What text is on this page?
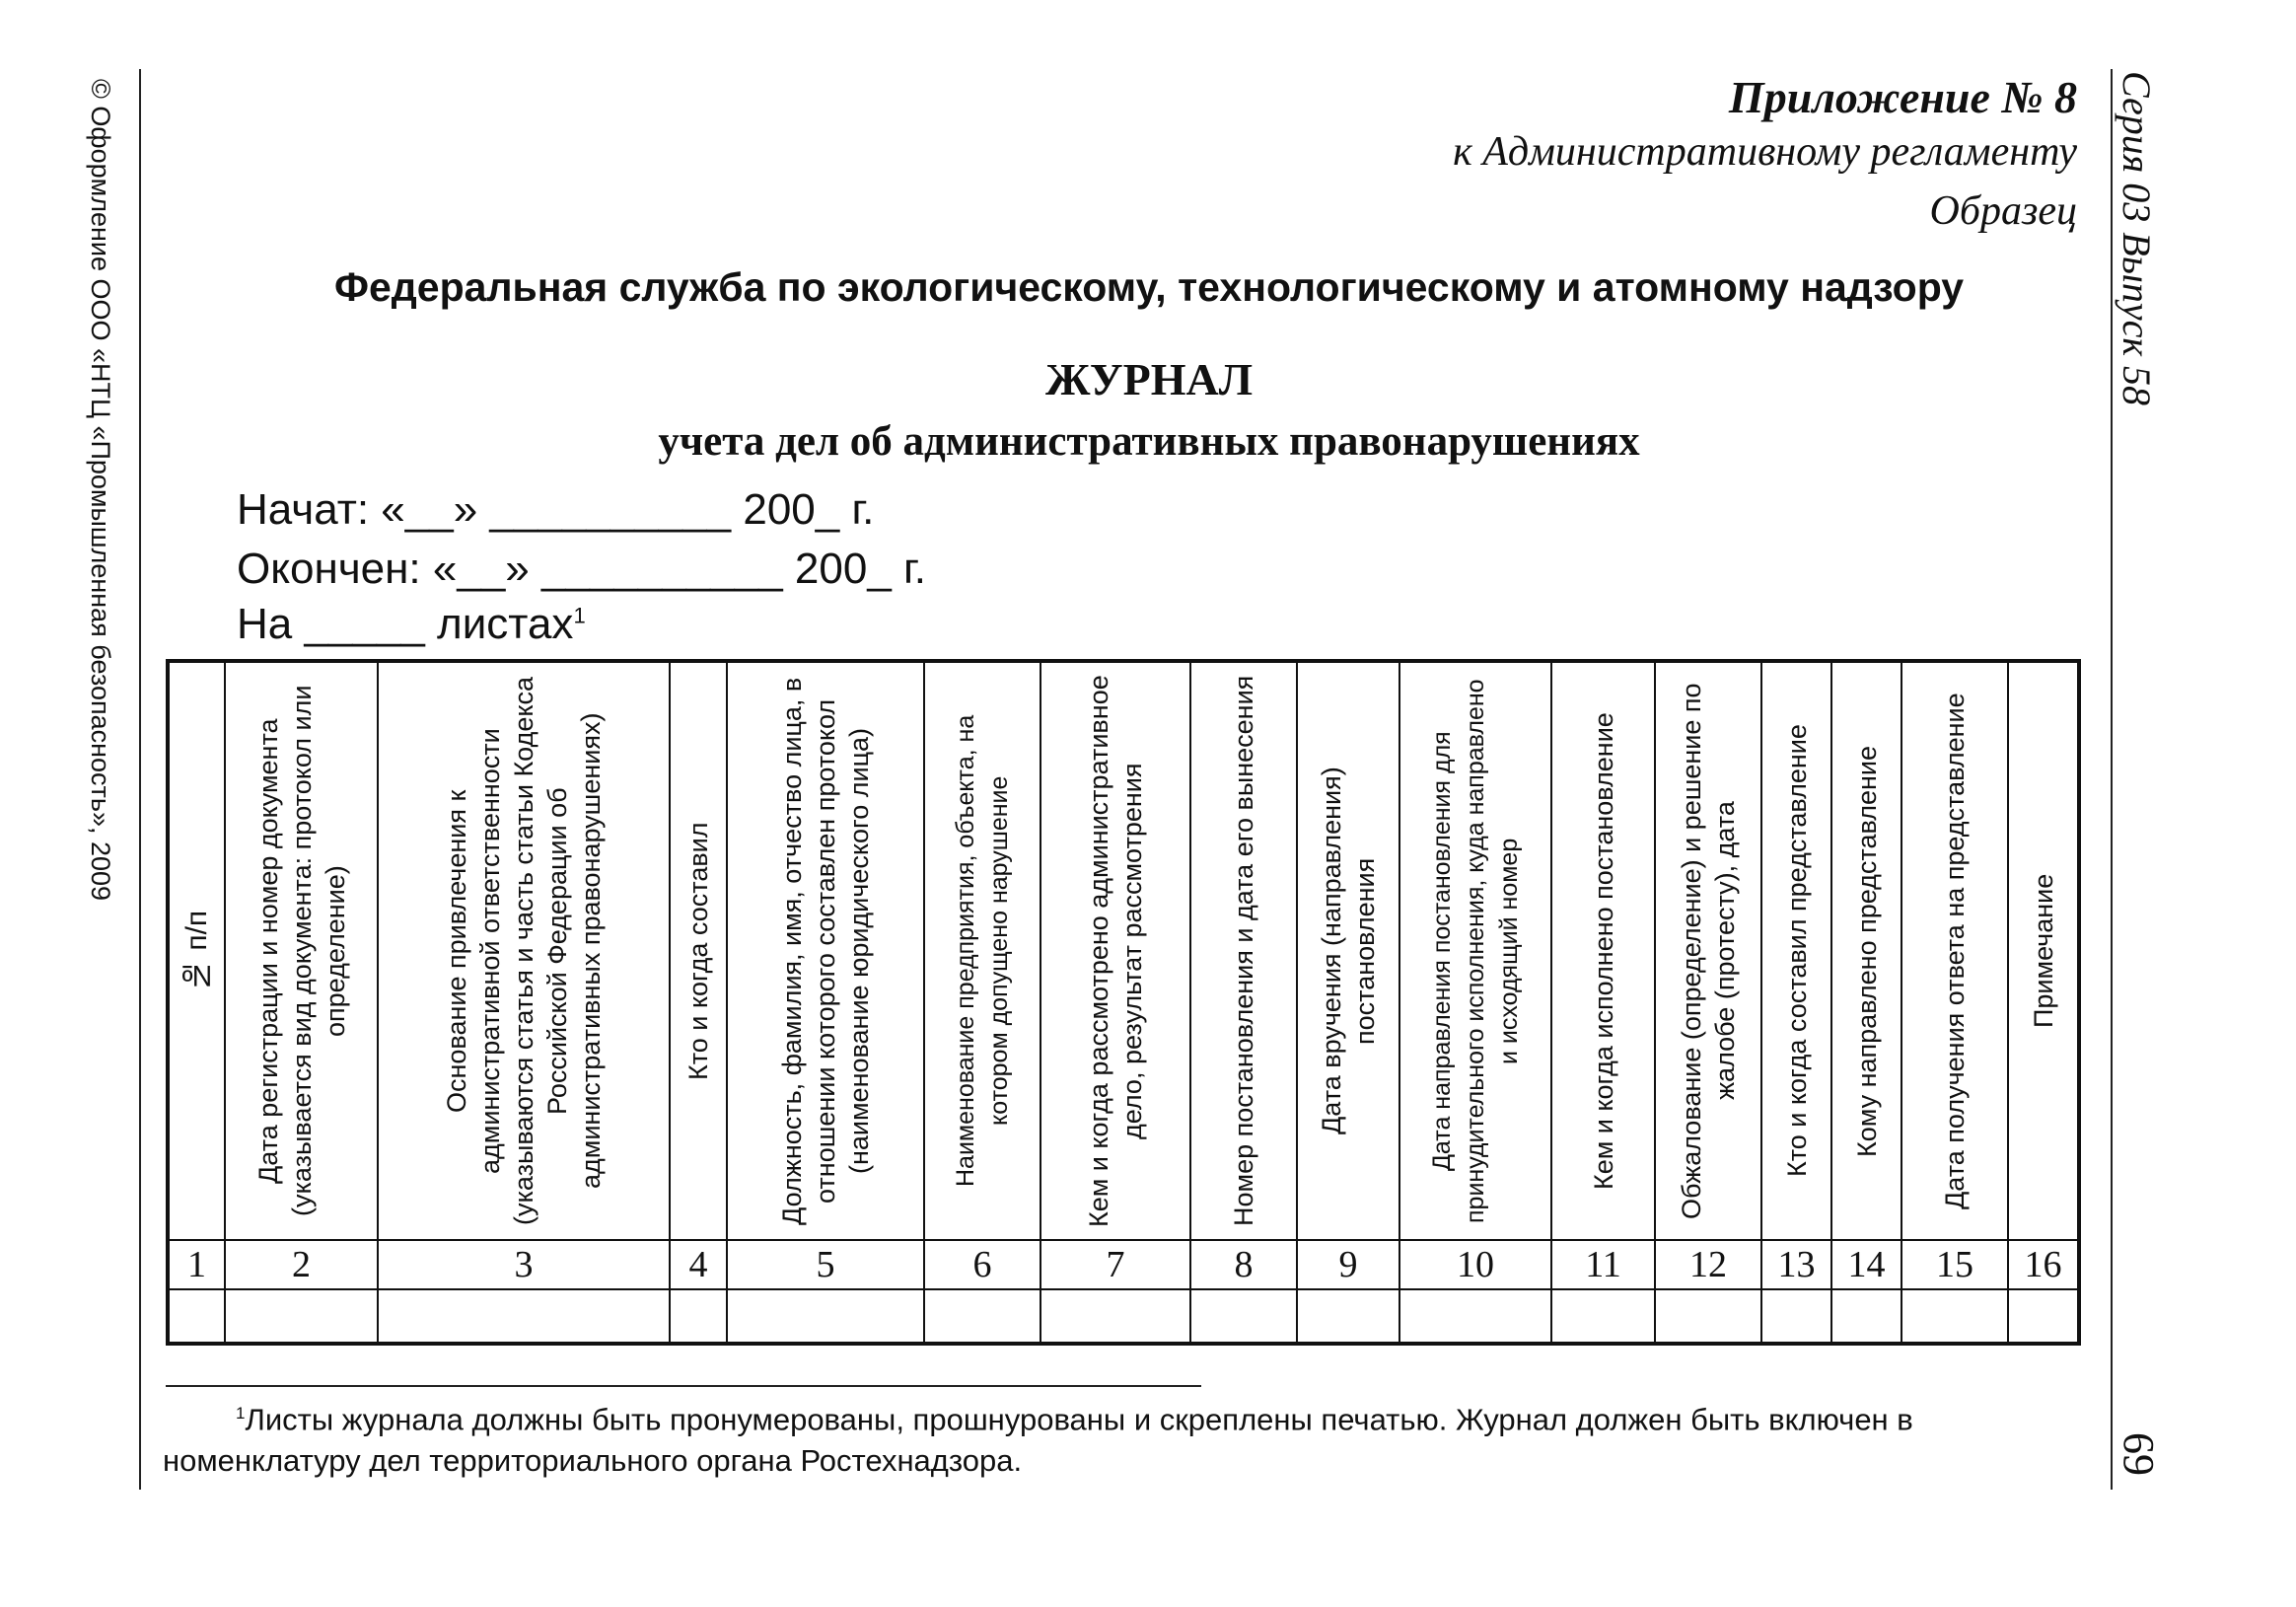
© Оформление ООО «НТЦ «Промышленная безопасность», 2009	Серия 03 Выпуск 58
69
Приложение № 8
к Административному регламенту
Образец
Федеральная служба по экологическому, технологическому и атомному надзору
ЖУРНАЛ
учета дел об административных правонарушениях
Начат: «__» __________ 200_ г.
Окончен: «__» __________ 200_ г.
На _____ листах$^1$
№ п/п	Дата регистрации и номер документа (указывается вид документа: протокол или определение)	Основание привлечения к административной ответственности (указываются статья и часть статьи Кодекса Российской Федерации об административных правонарушениях)	Кто и когда составил	Должность, фамилия, имя, отчество лица, в отношении которого составлен протокол (наименование юридического лица)	Наименование предприятия, объекта, на котором допущено нарушение	Кем и когда рассмотрено административное дело, результат рассмотрения	Номер постановления и дата его вынесения	Дата вручения (направления) постановления	Дата направления постановления для принудительного исполнения, куда направлено и исходящий номер	Кем и когда исполнено постановление	Обжалование (определение) и решение по жалобе (протесту), дата	Кто и когда составил представление	Кому направлено представление	Дата получения ответа на представление	Примечание

1	2	3	4	5	6	7	8	9	10	11	12	13	14	15	16

$^1$Листы журнала должны быть пронумерованы, прошнурованы и скреплены печатью. Журнал должен быть включен в номенклатуру дел территориального органа Ростехнадзора.
